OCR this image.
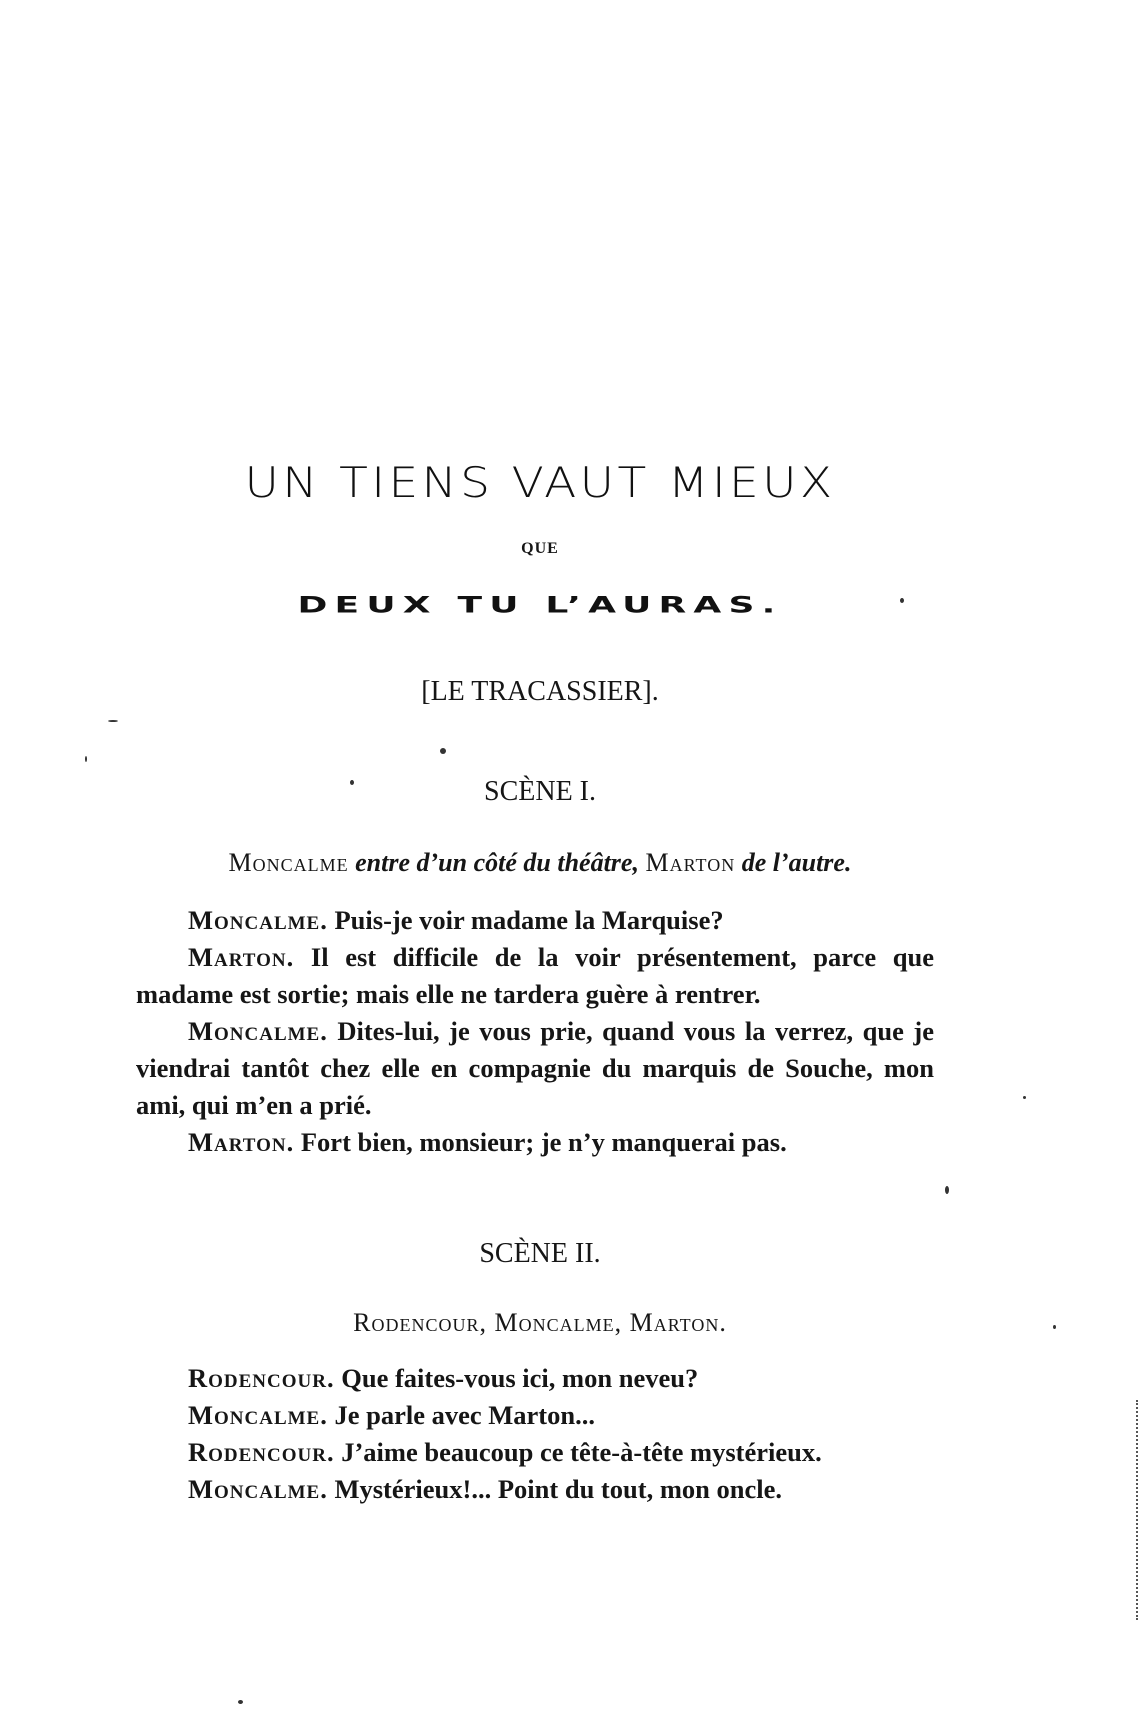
UN TIENS VAUT MIEUX
QUE
DEUX TU L’AURAS.
[LE TRACASSIER].
SCÈNE I.
Moncalme entre d’un côté du théâtre, Marton de l’autre.

Moncalme. Puis-je voir madame la Marquise?

Marton. Il est difficile de la voir présentement, parce que madame est sortie; mais elle ne tardera guère à rentrer.

Moncalme. Dites-lui, je vous prie, quand vous la verrez, que je viendrai tantôt chez elle en compagnie du marquis de Souche, mon ami, qui m’en a prié.

Marton. Fort bien, monsieur; je n’y manquerai pas.

SCÈNE II.
Rodencour, Moncalme, Marton.

Rodencour. Que faites-vous ici, mon neveu?

Moncalme. Je parle avec Marton...

Rodencour. J’aime beaucoup ce tête-à-tête mystérieux.

Moncalme. Mystérieux!... Point du tout, mon oncle.
